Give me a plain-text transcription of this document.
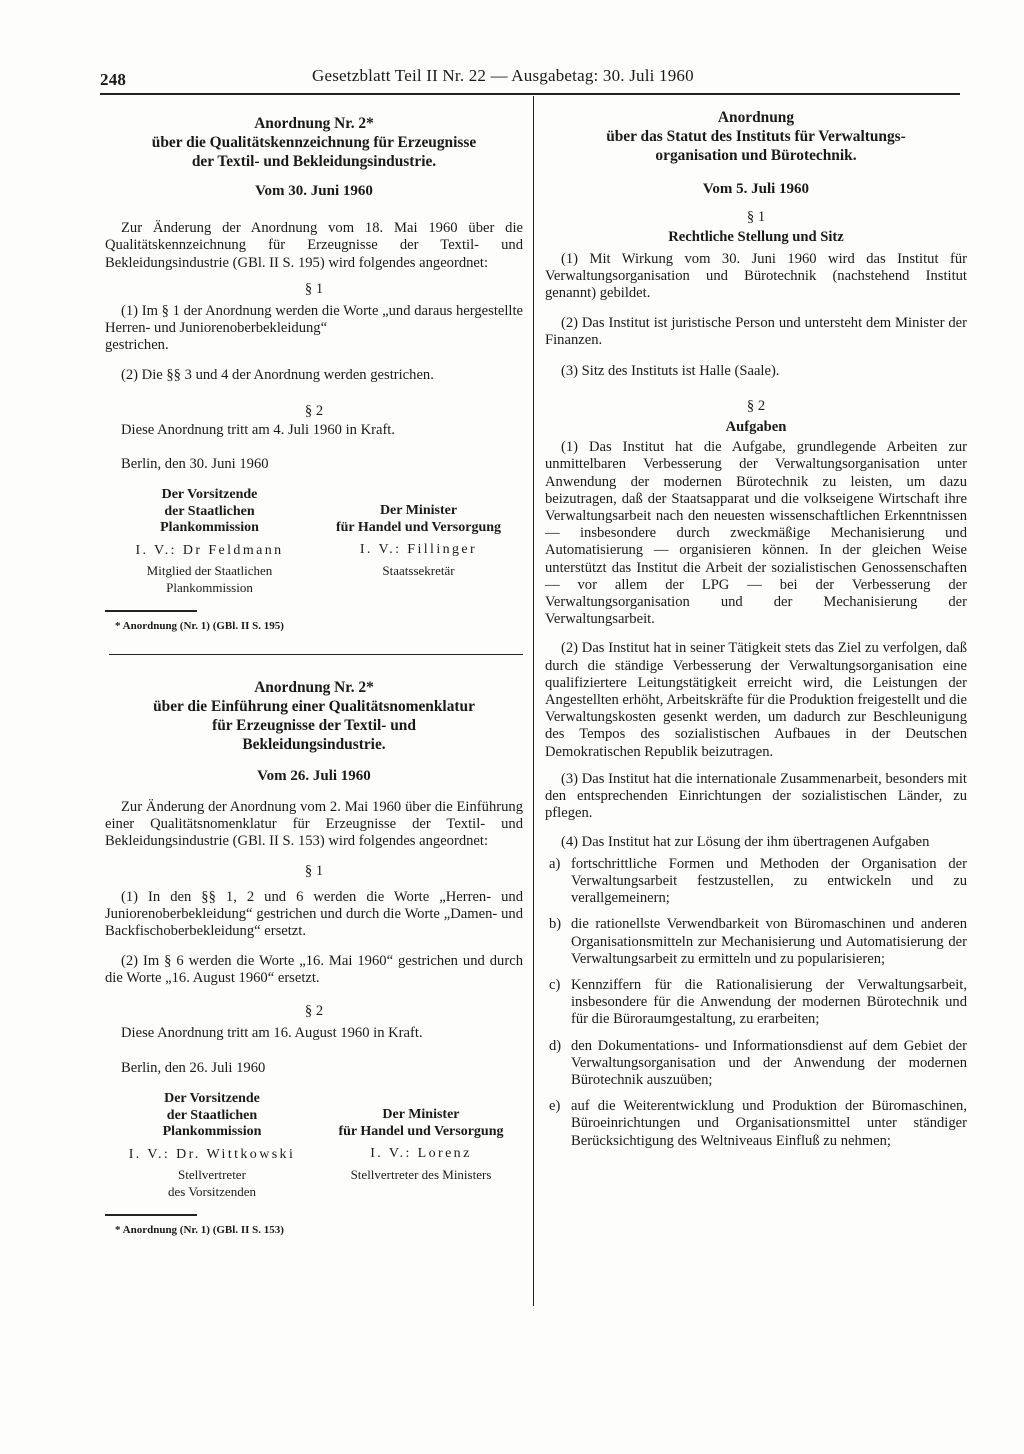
248	Gesetzblatt Teil II Nr. 22 — Ausgabetag: 30. Juli 1960
Anordnung Nr. 2*
über die Qualitätskennzeichnung für Erzeugnisse
der Textil- und Bekleidungsindustrie.
Vom 30. Juni 1960

Zur Änderung der Anordnung vom 18. Mai 1960 über die Qualitätskennzeichnung für Erzeugnisse der Textil- und Bekleidungsindustrie (GBl. II S. 195) wird folgendes angeordnet:

§ 1

(1) Im § 1 der Anordnung werden die Worte „und daraus hergestellte Herren- und Juniorenoberbekleidung“

gestrichen.

(2) Die §§ 3 und 4 der Anordnung werden gestrichen.

§ 2

Diese Anordnung tritt am 4. Juli 1960 in Kraft.

Berlin, den 30. Juni 1960

Der Vorsitzende
der Staatlichen Plankommission
I. V.: Dr Feldmann
Mitglied der Staatlichen
Plankommission
Der Minister
für Handel und Versorgung
I. V.: Fillinger
Staatssekretär
* Anordnung (Nr. 1) (GBl. II S. 195)
Anordnung Nr. 2*
über die Einführung einer Qualitätsnomenklatur
für Erzeugnisse der Textil- und
Bekleidungsindustrie.
Vom 26. Juli 1960

Zur Änderung der Anordnung vom 2. Mai 1960 über die Einführung einer Qualitätsnomenklatur für Erzeugnisse der Textil- und Bekleidungsindustrie (GBl. II S. 153) wird folgendes angeordnet:

§ 1

(1) In den §§ 1, 2 und 6 werden die Worte „Herren- und Juniorenoberbekleidung“ gestrichen und durch die Worte „Damen- und Backfischoberbekleidung“ ersetzt.

(2) Im § 6 werden die Worte „16. Mai 1960“ gestrichen und durch die Worte „16. August 1960“ ersetzt.

§ 2

Diese Anordnung tritt am 16. August 1960 in Kraft.

Berlin, den 26. Juli 1960

Der Vorsitzende
der Staatlichen Plankommission
I. V.: Dr. Wittkowski
Stellvertreter
des Vorsitzenden
Der Minister
für Handel und Versorgung
I. V.: Lorenz
Stellvertreter des Ministers
* Anordnung (Nr. 1) (GBl. II S. 153)
Anordnung
über das Statut des Instituts für Verwaltungs-
organisation und Bürotechnik.
Vom 5. Juli 1960
§ 1
Rechtliche Stellung und Sitz

(1) Mit Wirkung vom 30. Juni 1960 wird das Institut für Verwaltungsorganisation und Bürotechnik (nachstehend Institut genannt) gebildet.

(2) Das Institut ist juristische Person und untersteht dem Minister der Finanzen.

(3) Sitz des Instituts ist Halle (Saale).

§ 2
Aufgaben

(1) Das Institut hat die Aufgabe, grundlegende Arbeiten zur unmittelbaren Verbesserung der Verwaltungsorganisation unter Anwendung der modernen Bürotechnik zu leisten, um dazu beizutragen, daß der Staatsapparat und die volkseigene Wirtschaft ihre Verwaltungsarbeit nach den neuesten wissenschaftlichen Erkenntnissen — insbesondere durch zweckmäßige Mechanisierung und Automatisierung — organisieren können. In der gleichen Weise unterstützt das Institut die Arbeit der sozialistischen Genossenschaften — vor allem der LPG — bei der Verbesserung der Verwaltungsorganisation und der Mechanisierung der Verwaltungsarbeit.

(2) Das Institut hat in seiner Tätigkeit stets das Ziel zu verfolgen, daß durch die ständige Verbesserung der Verwaltungsorganisation eine qualifiziertere Leitungstätigkeit erreicht wird, die Leistungen der Angestellten erhöht, Arbeitskräfte für die Produktion freigestellt und die Verwaltungskosten gesenkt werden, um dadurch zur Beschleunigung des Tempos des sozialistischen Aufbaues in der Deutschen Demokratischen Republik beizutragen.

(3) Das Institut hat die internationale Zusammenarbeit, besonders mit den entsprechenden Einrichtungen der sozialistischen Länder, zu pflegen.

(4) Das Institut hat zur Lösung der ihm übertragenen Aufgaben

a) fortschrittliche Formen und Methoden der Organisation der Verwaltungsarbeit festzustellen, zu entwickeln und zu verallgemeinern;
b) die rationellste Verwendbarkeit von Büromaschinen und anderen Organisationsmitteln zur Mechanisierung und Automatisierung der Verwaltungsarbeit zu ermitteln und zu popularisieren;
c) Kennziffern für die Rationalisierung der Verwaltungsarbeit, insbesondere für die Anwendung der modernen Bürotechnik und für die Büroraumgestaltung, zu erarbeiten;
d) den Dokumentations- und Informationsdienst auf dem Gebiet der Verwaltungsorganisation und der Anwendung der modernen Bürotechnik auszuüben;
e) auf die Weiterentwicklung und Produktion der Büromaschinen, Büroeinrichtungen und Organisationsmittel unter ständiger Berücksichtigung des Weltniveaus Einfluß zu nehmen;
